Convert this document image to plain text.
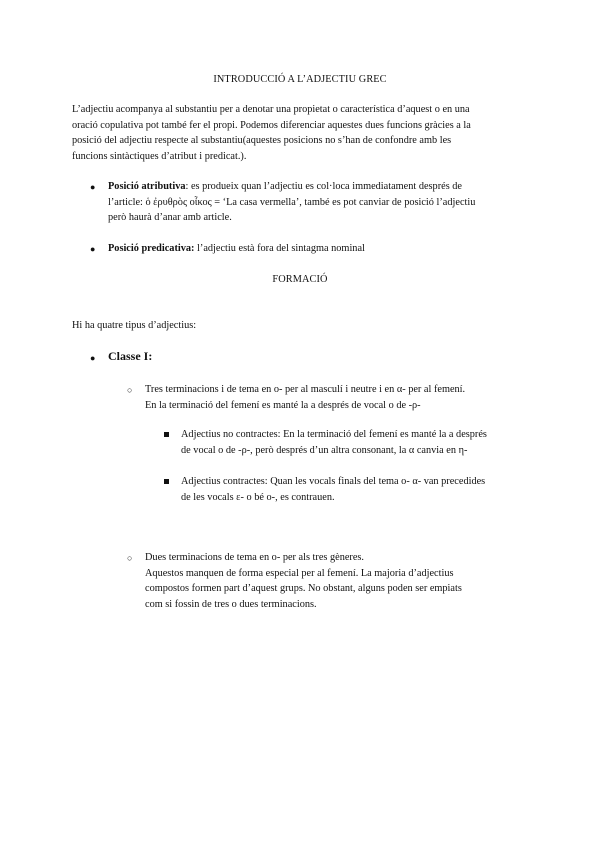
INTRODUCCIÓ A L’ADJECTIU GREC
L’adjectiu acompanya al substantiu per a denotar una propietat o característica d’aquest o en una
oració copulativa pot també fer el propi. Podemos diferenciar aquestes dues funcions gràcies a la
posició del adjectiu respecte al substantiu(aquestes posicions no s’han de confondre amb les
funcions sintàctiques d’atribut i predicat.).
● Posició atributiva: es produeix quan l’adjectiu es col·loca immediatament després de
l’article: ὁ ἐρυθρὸς οἶκος = ‘La casa vermella’, també es pot canviar de posició l’adjectiu
però haurà d’anar amb article.
● Posició predicativa: l’adjectiu està fora del sintagma nominal
FORMACIÓ
Hi ha quatre tipus d’adjectius:
● Classe I:
○ Tres terminacions i de tema en o- per al masculí i neutre i en α- per al femení.
En la terminació del femení es manté la a després de vocal o de -ρ-
Adjectius no contractes: En la terminació del femení es manté la a després
de vocal o de -ρ-, però després d’un altra consonant, la α canvia en η-
Adjectius contractes: Quan les vocals finals del tema o- α- van precedides
de les vocals ε- o bé o-, es contrauen.
○ Dues terminacions de tema en o- per als tres gèneres.
Aquestos manquen de forma especial per al femení. La majoria d’adjectius
compostos formen part d’aquest grups. No obstant, alguns poden ser empiats
com si fossin de tres o dues terminacions.
